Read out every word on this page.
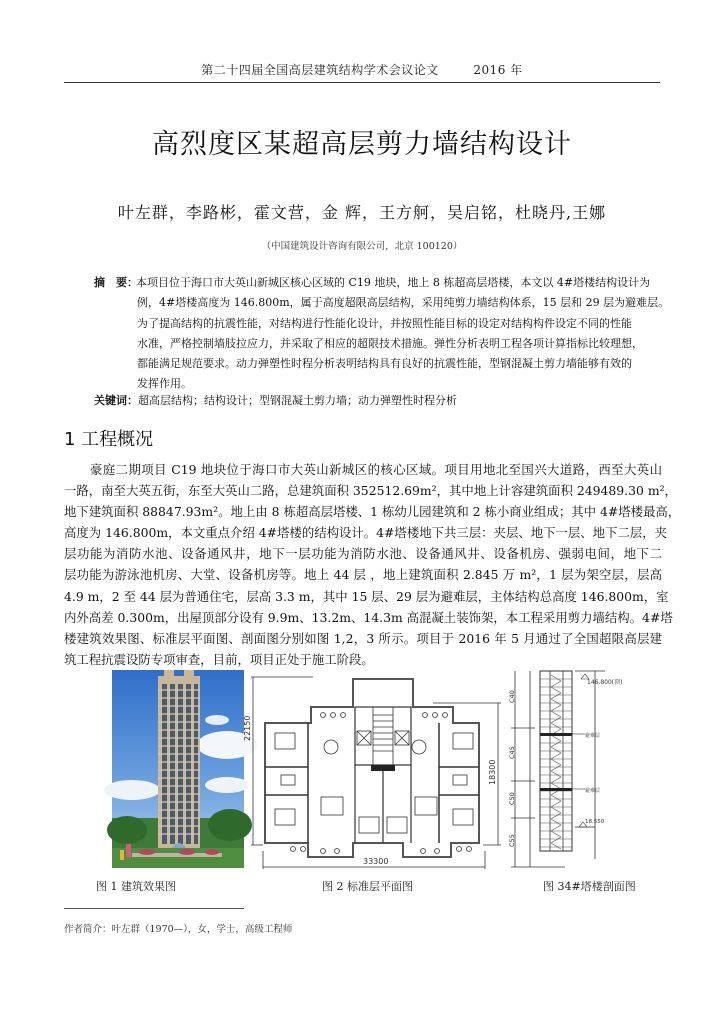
第二十四届全国高层建筑结构学术会议论文	2016 年
高烈度区某超高层剪力墙结构设计
叶左群，李路彬，霍文营，金 辉，王方舸，吴启铭，杜晓丹,王娜
（中国建筑设计咨询有限公司，北京 100120）
摘　要：本项目位于海口市大英山新城区核心区域的 C19 地块，地上 8 栋超高层塔楼，本文以 4#塔楼结构设计为
例，4#塔楼高度为 146.800m，属于高度超限高层结构，采用纯剪力墙结构体系，15 层和 29 层为避难层。
为了提高结构的抗震性能，对结构进行性能化设计，并按照性能目标的设定对结构构件设定不同的性能
水准，严格控制墙肢拉应力，并采取了相应的超限技术措施。弹性分析表明工程各项计算指标比较理想，
都能满足规范要求。动力弹塑性时程分析表明结构具有良好的抗震性能，型钢混凝土剪力墙能够有效的
发挥作用。
关键词：超高层结构；结构设计；型钢混凝土剪力墙；动力弹塑性时程分析
1 工程概况
豪庭二期项目 C19 地块位于海口市大英山新城区的核心区域。项目用地北至国兴大道路，西至大英山
一路，南至大英五街，东至大英山二路，总建筑面积 352512.69m²，其中地上计容建筑面积 249489.30 m²，
地下建筑面积 88847.93m²。地上由 8 栋超高层塔楼、1 栋幼儿园建筑和 2 栋小商业组成；其中 4#塔楼最高，
高度为 146.800m，本文重点介绍 4#塔楼的结构设计。4#塔楼地下共三层：夹层、地下一层、地下二层，夹
层功能为消防水池、设备通风井，地下一层功能为消防水池、设备通风井、设备机房、强弱电间，地下二
层功能为游泳池机房、大堂、设备机房等。地上 44 层 ，地上建筑面积 2.845 万 m²，1 层为架空层，层高
4.9 m，2 至 44 层为普通住宅，层高 3.3 m，其中 15 层、29 层为避难层，主体结构总高度 146.800m，室
内外高差 0.300m，出屋顶部分设有 9.9m、13.2m、14.3m 高混凝土装饰架，本工程采用剪力墙结构。4#塔
楼建筑效果图、标准层平面图、剖面图分别如图 1,2，3 所示。项目于 2016 年 5 月通过了全国超限高层建
筑工程抗震设防专项审查，目前，项目正处于施工阶段。
图 1 建筑效果图
22150
18300
33300
图 2 标准层平面图
避难层
避难层
146.800(顶)
18.550
C40
C45
C50
C55
图 34#塔楼剖面图
作者简介：叶左群（1970—），女，学士，高级工程师
